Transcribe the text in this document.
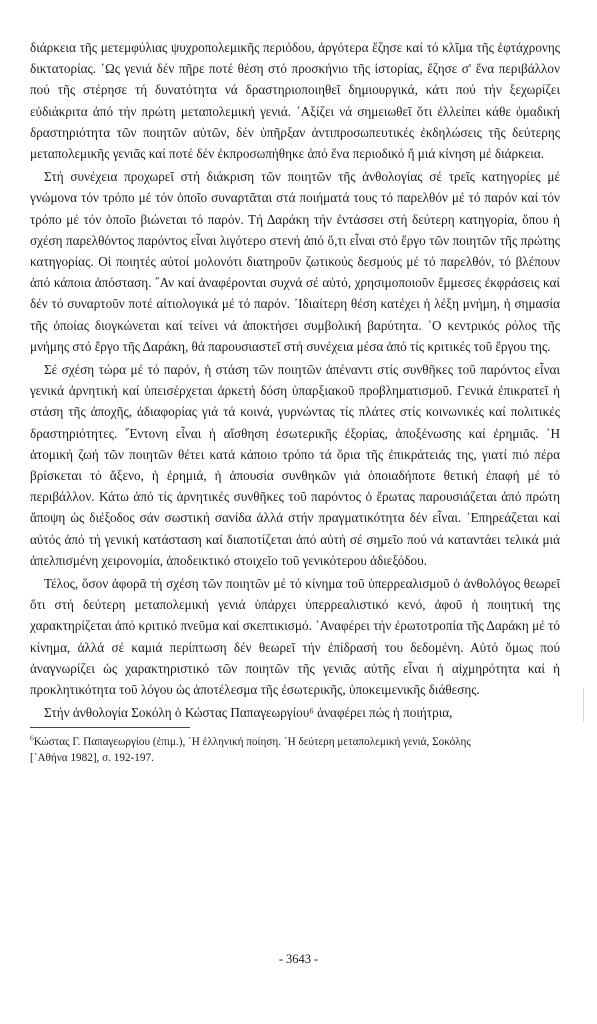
διάρκεια τῆς μετεμφύλιας ψυχροπολεμικῆς περιόδου, ἀργότερα ἔζησε καί τό κλῖμα τῆς ἑφτάχρονης δικτατορίας. ῾Ως γενιά δέν πῆρε ποτέ θέση στό προσκήνιο τῆς ἱστορίας, ἔζησε σ' ἕνα περιβάλλον πού τῆς στέρησε τή δυνατότητα νά δραστηριοποιηθεῖ δημιουργικά, κάτι πού τήν ξεχωρίζει εὐδιάκριτα ἀπό τήν πρώτη μεταπολεμική γενιά. ᾿Αξίζει νά σημειωθεῖ ὅτι ἐλλείπει κάθε ὁμαδική δραστηριότητα τῶν ποιητῶν αὐτῶν, δέν ὑπῆρξαν ἀντιπροσωπευτικές ἐκδηλώσεις τῆς δεύτερης μεταπολεμικῆς γενιᾶς καί ποτέ δέν ἐκπροσωπήθηκε ἀπό ἕνα περιοδικό ἤ μιά κίνηση μέ διάρκεια.

Στή συνέχεια προχωρεῖ στή διάκριση τῶν ποιητῶν τῆς ἀνθολογίας σέ τρεῖς κατηγορίες μέ γνώμονα τόν τρόπο μέ τόν ὁποῖο συναρτᾶται στά ποιήματά τους τό παρελθόν μέ τό παρόν καί τόν τρόπο μέ τόν ὁποῖο βιώνεται τό παρόν. Τή Δαράκη τήν ἐντάσσει στή δεύτερη κατηγορία, ὅπου ἡ σχέση παρελθόντος παρόντος εἶναι λιγότερο στενή ἀπό ὅ,τι εἶναι στό ἔργο τῶν ποιητῶν τῆς πρώτης κατηγορίας. Οἱ ποιητές αὐτοί μολονότι διατηροῦν ζωτικούς δεσμούς μέ τό παρελθόν, τό βλέπουν ἀπό κάποια ἀπόσταση. ῎Αν καί ἀναφέρονται συχνά σέ αὐτό, χρησιμοποιοῦν ἔμμεσες ἐκφράσεις καί δέν τό συναρτοῦν ποτέ αἰτιολογικά μέ τό παρόν. ᾿Ιδιαίτερη θέση κατέχει ἡ λέξη μνήμη, ἡ σημασία τῆς ὁποίας διογκώνεται καί τείνει νά ἀποκτήσει συμβολική βαρύτητα. ῾Ο κεντρικός ρόλος τῆς μνήμης στό ἔργο τῆς Δαράκη, θά παρουσιαστεῖ στή συνέχεια μέσα ἀπό τίς κριτικές τοῦ ἔργου της.

Σέ σχέση τώρα μέ τό παρόν, ἡ στάση τῶν ποιητῶν ἀπέναντι στίς συνθῆκες τοῦ παρόντος εἶναι γενικά ἀρνητική καί ὑπεισέρχεται ἀρκετή δόση ὑπαρξιακοῦ προβληματισμοῦ. Γενικά ἐπικρατεῖ ἡ στάση τῆς ἀποχῆς, ἀδιαφορίας γιά τά κοινά, γυρνώντας τίς πλάτες στίς κοινωνικές καί πολιτικές δραστηριότητες. ῎Εντονη εἶναι ἡ αἴσθηση ἐσωτερικῆς ἐξορίας, ἀποξένωσης καί ἐρημιᾶς. ῾Η ἀτομική ζωή τῶν ποιητῶν θέτει κατά κάποιο τρόπο τά ὅρια τῆς ἐπικράτειάς της, γιατί πιό πέρα βρίσκεται τό ἄξενο, ἡ ἐρημιά, ἡ ἀπουσία συνθηκῶν γιά ὁποιαδήποτε θετική ἐπαφή μέ τό περιβάλλον. Κάτω ἀπό τίς ἀρνητικές συνθῆκες τοῦ παρόντος ὁ ἔρωτας παρουσιάζεται ἀπό πρώτη ἄποψη ὡς διέξοδος σάν σωστική σανίδα ἀλλά στήν πραγματικότητα δέν εἶναι. ᾿Επηρεάζεται καί αὐτός ἀπό τή γενική κατάσταση καί διαποτίζεται ἀπό αὐτή σέ σημεῖο πού νά καταντάει τελικά μιά ἀπελπισμένη χειρονομία, ἀποδεικτικό στοιχεῖο τοῦ γενικότερου ἀδιεξόδου.

Τέλος, ὅσον ἀφορᾶ τή σχέση τῶν ποιητῶν μέ τό κίνημα τοῦ ὑπερρεαλισμοῦ ὁ ἀνθολόγος θεωρεῖ ὅτι στή δεύτερη μεταπολεμική γενιά ὑπάρχει ὑπερρεαλιστικό κενό, ἀφοῦ ἡ ποιητική της χαρακτηρίζεται ἀπό κριτικό πνεῦμα καί σκεπτικισμό. ᾿Αναφέρει τήν ἐρωτοτροπία τῆς Δαράκη μέ τό κίνημα, ἀλλά σέ καμιά περίπτωση δέν θεωρεῖ τήν ἐπίδρασή του δεδομένη. Αὐτό ὅμως πού ἀναγνωρίζει ὡς χαρακτηριστικό τῶν ποιητῶν τῆς γενιᾶς αὐτῆς εἶναι ἡ αἰχμηρότητα καί ἡ προκλητικότητα τοῦ λόγου ὡς ἀποτέλεσμα τῆς ἐσωτερικῆς, ὑποκειμενικῆς διάθεσης.

Στήν ἀνθολογία Σοκόλη ὁ Κώστας Παπαγεωργίου⁶ ἀναφέρει πώς ἡ ποιήτρια,

$^6$Κώστας Γ. Παπαγεωργίου (ἐπιμ.), ῾Η ἑλληνική ποίηση. ῾Η δεύτερη μεταπολεμική γενιά, Σοκόλης
[᾿Αθήνα 1982], σ. 192-197.

- 3643 -
